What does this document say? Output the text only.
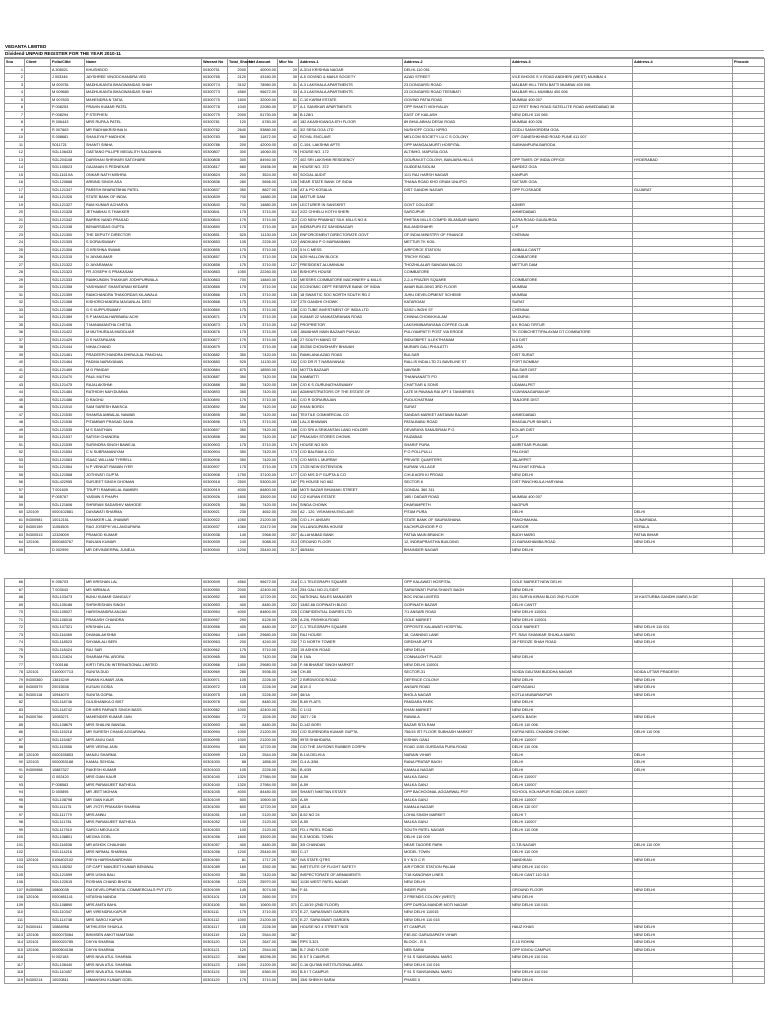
VEDANTA LIMITED
Dividend UNPAID REGISTER FOR THE YEAR 2010-11
Sno	Client	Folio/CltId	Name	Warrant No	Total_Shares	Net Amount	Micr No	Address-1	Address-2	Address-3	Address-4	Pincode
1		A 308021	KHUSHBOO	00300751	2000	40000.00	20	A-3/14 KRISHNA NAGAR	DELHI-110 051			
2		J 003346	JAYSHREE VINODCHANDRA VED	00300765	2120	43180.00	30	A-5 GOVIND & MANJI SOCIETY	AZAD STREET	VILE BHOGE S V ROAD ANDHERI (WEST) MUMBAI 4		
3		M 009781	MADHUKANTA BHAGWANDAS SHAH	00300774	3102	78980.00	31	A-3 LAKSHALA APARTMENTS	23 DONGARSI ROAD	MALBAR HILL TEEN BATTI MUMBAI 400 006		
4		M 009680	MADHUKANTA BHAGWANDAS SHAH	00300773	4560	96672.00	33	A-3 LAKSHALA APARTMENTS	23 DONGARSI ROAD TEENBATI	MALBAR HILL MUMBAI 400 006		
5		M 007833	MAHENDRA N TATIA	00300775	1600	32000.00	51	C-10 KARIM ESTATE	GOVIND PATIA ROAD	MUMBAI 400 007		
6		P 008253	PRAVIN KUMAR PATEL	00300778	1040	22080.00	37	A-1 SANSKAR APARTMENTS	OPP SHAKTI VIDHYALAY	112 FEET RING ROAD SATELLITE ROAD AHMEDABAD 38		
7		P 008294	P STEPHEN	00300779	2000	51730.00	38	B-128/1	EAST OF KAILASH	NEW DELHI 110 065		
8		R 006443	MRS RUPA A PATEL	00300781	120	6780.00	40	182 AKASHGANGA 8TH FLOOR	89 BHULABHAI DESAI ROAD	MUMBAI 400 026		
9		R 007663	MR RADHAKRISHNA N	00300782	2640	53880.00	41	3/2 SESA GOA LTD	NUSHOFF COOLI NPRO	GODLI SANVORDEM GOA		
10		S 008681	SHAILEYA P MADHOK	00300783	560	11872.00	42	ROYAL ENCLAVE	MELCOM SOCIETY LU C S COLONY	OFF GANESHKHIND ROAD PUNE 411 007		
11		S011721	SHANTI SINHA	00300786	200	42000.00	43	C-104, LAKSHMI APTS	OPP MANGALMURTI HOSPITAL	SUBHANPURA BARODA		
12		SGL106433	GAETANO PILLIPE MEGALITH SALDANHA	00300807	300	16060.00	76	HOUSE NO. 172	ALTINHO, MAPUSA GOA			
13		SGL204108	DARSHAN SHRIHARI SATGHARE	00300808	300	84940.00	77	402 SRI LAKSHMI RESIDENCY	GOURAVJIT COLONY, BANJARA HILLS	OPP TIMES OF INDIA OFFICE	HYDERABAD	
14		SGL105023	GAJANAN S PEDNEKAR	00300817	680	19456.00	86	HOUSE NO. 372	GUDDEM-SIOLIM	BARDEZ GOA		
15		SGL1161XA	ONKAR NATH MISHRA	00300824	200	3524.00	93	SOCIAL AUDIT	11/1 RAJ HARSH NAGAR	KANPUR		
16		SGL120668	ARBIND SINGH ASA	00300836	280	5656.00	105	NEAR STATE BANK OF INDIA	THANA ROAD KHO GRAM UNLIPOI	SATTARI GOA		
17		SGL121347	PARESH BHARATBHAI PATEL	00300837	350	8827.00	106	AT & PO KOSALIA	DIST GANDHI NAGAR	OPP FLOSKADE	GUJARAT	
18		SGL121326	STATE BANK OF INDIA	00300839	700	14880.00	108	MATTUR DAM				
19		SGL121327	RAM KUMAR ACHARYA	00300840	700	14880.00	109	LECTURER IN SANSKRIT	GOVT COLLEGE	AJMER		
20		SGL121328	JETHABHAI S THAKKER	00300841	175	3710.00	110	2/22 CHHELU KOTHI SHERI	SAROJPUR	AHMEDABAD		
21		SGL121342	BARRIK NAND PRASAD	00300843	175	3710.00	112	C/O NEW PRABHAT SILK MILLS NO 8	RHETAN MILLS COMPD ISLANDAR MARG	AGRA ROAD GULBURGA		
22		SGL121338	BENARSIDAS GUPTA	00300850	175	3710.00	119	INDRAPURI EZ SAHIDNAGAR	BULANDSHAHR	U.P		
23		SGL121300	THE DEPUTY DIRECTOR	00300851	525	11130.00	120	ENFORCEMENT DIRECTORATE GOVT	OF INDIA MINISTRY OF FINANCE	CHENNAI		
24		SGL121305	S DORAISWAMY	00300853	105	2226.00	122	ANDIKANI P O MARIAMMAN	METTUR TK KOIL			
25		SGL121306	G KRISHNA SWAMI	00300855	175	3710.00	123	5 N C MESS	AIRFORCE STATION	AMBALA CANTT		
26		SGL121315	N JAYAKUMAR	00300857	175	3710.00	126	6/29 HALLOW BLOCK	TRICHY ROAD	COIMBATORE		
27		SGL121322	D JAYARAMAN	00300858	175	3710.00	127	PRESIDENT ALUMINIUM	THOZHILALAR SANGAM MALCO	METTUR DAM		
28		SGL121323	FR JOSEPH S PRAKASAM	00300863	1050	22260.00	130	BISHOPS HOUSE	COIMBATORE			
29		SGL121333	RAMKUNDIN THAKKAR JODHPURWALA	00300863	700	14840.00	132	MESSRS COIMBATORE MACHINERY & MILLS	2-2-4 FRAZER SQUARE	COIMBATORE		
30		SGL121358	YASHWANT SHANTARAM KEDARE	00300865	175	3710.00	134	ECONOMIC DEPT RESERVE BANK OF INDIA	AMAR BUILDING 3RD FLOOR	MUMBAI		
31		SGL121359	RAMCHANDRA THAKORDAS KILAWALA	00300866	175	3710.00	135	18 SWASTIC SOC NORTH SOUTH RD 2	JUHU DEVELOPMENT SCHEME	MUMBAI		
32		SGL121368	KISHORCHANDRA MAGANLAL DESI	00300868	175	3710.00	137	275 GANDHI CHOWK	KATARGAM	SURAT		
33		SGL121388	G S KUPPUSWAMY	00300869	175	3710.00	138	C/O TUBE INVESTMENT OF INDIA LTD	52/52 LINGHI ST	CHENNAI		
34		SGL121389	S P MANGALHARIBABU ACHI	00300871	175	3710.00	140	KUMAR 22 VANKATARANAN ROAD	CHINNA CHOKIKKULAM	MADURAI		
35		SGL121406	T MANAMANTHA CHETIA	00300873	175	3710.00	142	PROPRIETOR	LAKSHMINARAYANA COFFEE CLUB	8 K ROAD TIRTUR		
36		SGL121422	M MUTHURAJA MUDDLIAR	00300876	175	3710.00	145	JAWAHAR MAIN BAZAAR PUNJAI	PULIYAMPATTI POST VIA ERODE	TK GOBICHETTIPALAYAM DT COIMBATORE		
37		SGL121429	D S NATARAJAN	00300877	175	3710.00	146	27 SOUTH MANG ST	INDUSBIPET ILLEKTHANAM	N A DIST		
38		SGL121444	NIHALCHAND	00300879	175	3710.00	148	30/258 CHOWDHARY BHAVAN	MURARI GALI PHULATTI	AGRA		
39		SGL121461	PRADEEPCHANDRA DHIRAJLAL PANCHAL	00300882	350	7420.00	151	RAMILANA AZAD ROAD	BULSAR	DIST SURAT		
40		SGL121464	PADMA NARAYANAN	00300883	525	11130.00	152	C/O DR R T NARAYANAN	RALLIS INDIA LTD 21 BAVELINE ST	FORT BOMBAY		
41		SGL121469	M G PANDAY	00300884	875	18550.00	153	MOTTA BAZAAR	NAVSARI	BULSAR DIST		
42		SGL121470	PAUL MUTHU	00300887	350	7420.00	156	KAMBATTI	THANNANATTI PO	NILGIRIS		
43		SGL121475	RAJALAKSHMI	00300888	350	7420.00	159	C/O K S GURUNATHASWAMY	CHATTIAR & SONS	UDAMALPET		
44		SGL121484	RATHIDIH NAIYDUMMA	00300893	350	7420.00	160	ADMINISTRATORS OF THE ESTATE OF	LATE M PAVANA RAI APT 4 TANNERIES	VIJAYANAGARAM AP		
45		SGL121486	D RAGHU	00300890	175	3710.00	161	C/O R DORAIRAJAN	PUDUCHATRAM	TANJORE DIST		
46		SGL121510	SAM SARESH BAKSCA	00300892	350	7420.00	162	KHAN BORDI	SURAT			
47		SGL121530	SHAMSA AMBALAL NAWAB	00300895	350	7420.00	164	TEXTILE COMMERCIAL CO	SANDAS MARKET ANTAWAI BAZAR	AHMEDABAD		
48		SGL121536	PITAMBAR PRASAD SAHA	00300896	175	3710.00	165	LALJI BHAWAN	PATALBABU ROAD	BHAGALPUR BIHAR-1		
49		SGL121535	M S SANTHAN	00300897	350	7420.00	166	C/O SRI A SRIKANTAN LAND HOLDER	DEVARAYA SAMUDRAM P O	KOLAR DIST		
50		SGL121537	SATISH CHANDRA	00300898	350	7420.00	167	PRAKASH STORES CHOWK	FAIZABAD	U.P		
51		SGL121539	SURINDRA SINGH BAWEJA	00300903	175	3710.00	170	HOUSE NO 509	SHARIF PURA	AMRITSAR PUNJAB		
52		SGL121554	C N SUBRAMANIYAM	00300904	350	7420.00	173	C/O BALRAM & CO	P O POLLPULLI	PALGHAT		
53		SGL121563	ISAAC WILLIAM TYRRELL	00300906	350	7420.00	173	C/O MISS L MURRAY	PRIVATE QUARTERS	JALARPET		
54		SGL121564	N P VENKAT RAMAN IYER	00300907	175	3710.00	175	17/25 NEW EXTENSION	KURANI VILLAGE	PALGHAT KERALA		
55		SGL121568	JOTHIVATI GUPTA	00300908	1750	37100.00	177	C/O M/S D P GUPTA & CO	C/H-8 AGRI KI PROAD	NEW DELHI		
56		SGL422955	SURJEET SINGH DHOMAN	00300918	2500	53000.00	187	P5 HOUSE NO 662	SECTOR 6	DIST PANCHKULA HARYANA		
57		T 001605	TRUPTI RAMNIKLAL BAMBRI	00300919	4000	84800.00	188	MOTI BAZAR BHUMAKI STREET	GONDAL 360 311			
58		P 005767	YASMIN S PHAPH	00300926	1600	33920.00	192	C/2 KURAN ESTATE	16B / DADAR ROAD	MUMBAI 400 007		
59		SGL121606	SHRIRAM SADASHIV MAHODE	00300925	350	7420.00	194	SINDA CHOWK	DHARAMPETH	NAGPUR		
60	120109	0000102881	DAYAWATI SHARMA	00300921	230	4652.00	200	A2 - 120, VISHAKHA ENCLAVE	PITAM PURA	DELHI	DELHI	
61	IN300981	10012151	SHANKER LAL JHAWAR	00300922	1050	21200.00	205	C/O L.H. ANSARI	STATE BANK OF SAURASHANA	PANCHMAHAL	GUNARIADA	
62	IN300159	11054505	RAO JOSEPH VILLANGUPARA	00300937	1060	22472.00	206	VILLANGUPARA HOUSE	KACHIPUZHOOR P O	KAROOR	KERALA	
63	IN300513	12326009	PRAMOD KUMAR	00300938	140	2968.00	207	ALLAHABAD BANK	PATNA MAIN BRANCH	BUDH MARG	PATNA BIHAR	
64	120106	0000483767	RANJAN KUMAR	00300939	240	5088.00	213	GROUND FLOOR	12, INDRAPRASTHA BUILDING	21 BARAKHAMBA ROAD	NEW DELHI	
65		D 002999	MR DEVINDERPAL JUNEJA	00300940	1200	25440.00	217	46/5484	BHAINDER NAGAR	NEW DELHI		
66		K 006703	MR KRISHAN LAL	00300949	4560	96672.00	218	C-1 TELEGRAPH SQUARE	OPP KALAWATI HOSPITAL	GOLE MARKET NEW DELHI		
67		T 003543	MS NIRMALA	00300950	2000	42400.00	219	254 GALI NO.21,SIDIT	SARASWATI PURA SHANTI BAGH	NEW DELHI		
68		SGL103473	BUNU KUMAR GANGULY	00300952	600	12720.00	221	NATIONAL SALES MANAGER	BOC INDIA LIMITED	201 SURYA KIRAN BLDG 2ND FLOOR	19 KASTURBA GANDHI MARG,N DE	
69		SGL105186	SHRIKRISHAN SINGH	00300953	400	8480.00	222	13/82-68 GOPINATH BLDG	GOPINATH BAZAR	DELHI CANTT		
70		SGL105027	HARISHANDRA ANJAN	00300954	4000	84800.00	225	CONFIDENTIAL DIARIES LTD	7/1 ANSARI ROAD	NEW DELHI 110001		
71		SGL106016	PRAKASH CHANDRA	00300957	290	6126.00	226	A-2/6, PASHIKA ROAD	GOLE MARKET	NEW DELHI 110001		
72		SGL107321	KRISHAN LAL	00300956	400	8480.00	227	C-1 TELEGRAPH SQUARE	OPPOSITE KALAWATI HOSPITAL	GOLE MARKET	NEW DELHI 110 001	
73		SGL116469	DHANALAKSHMI	00300964	1400	29680.00	230	RAJ HOUSE	18, CANNING LANE	PT. RAVI SHANKAR SHUKLA MARG	NEW DELHI	
74		SGL118523	SHYAMLALI BERI	00300963	200	4240.00	232	7 D NORTH TOWER	GIRDHAR APTS	28 FEROZE SHAH ROAD	NEW DELHI	
75		SGL118424	RAJ SAR	00300962	175	3710.00	233	15 ASHOK ROAD	NEW DELHI			
76		SGL121624	SHARAM PAL ARORA	00300965	350	7420.00	238	K 1NA	CONNAUGHT PLACE	NEW DELHI		
77		T 005168	KIRTI TIRLON INTERNATIONAL LIMITED	00300966	1400	29680.00	245	F-98 BHARAT SINGH MARKET	NEW DELHI 110001			
78	120101	0100007713	SUNITA DUD	00300969	280	5936.00	246	CH-85	SECTOR-31	NOIDA GAUTAM BUDDHA NAGAR	NOIDA UTTAR PRADESH	
79	IN300360	13815249	PAWAN KUMAR JAIN	00300971	105	2226.00	247	2 BIRDWOOD ROAD	DEFENCE COLONY	NEW DELHI	NEW DELHI	
80	IN300579	20015536	KUSUM GOSIA	00300972	105	2226.00	248	8/19-3	ANSARI ROAD	DARYAGANJ	NEW DELHI	
81	IN300118	10944070	SUNITA GOPAL	00300975	105	2226.00	249	46/1A	BHOLA NAGAR	KOTLA MUBARAKPUR	NEW DELHI	
82		SGL118746	GULSHANIKA G BIST	00300978	400	8480.00	250	B-69 FLATS	PANDARA PARK	NEW DELHI		
83		SGL118742	DR MRS PARVATI SINGH BASS	00300982	1000	42400.00	251	C 1/13	KHAN MARKET	NEW DELHI		
84	IN300766	10083271	MAHENDER KUMAR JAIN	00300984	72	1526.00	252	1527 / 28	RAWALA	KAROL BAGH	NEW DELHI	
85		SGL108679	MRS SHALINI BANSAL	00300993	400	8480.00	254	D-142 BORI	BAZAR SITA RAM	DELHI 110 006		
86		SGL115218	MR SURESH CHAND AGGARWAL	00300994	1000	21200.00	253	C/O SURENDRA KUMAR GUPTA	756/15 IST FLOOR SUBHASH MARKET	KATRA NEEL CHANDNI CHOWK	DELHI 110 006	
87		SGL115467	MRS ANJU DAS	00300995	1000	21200.00	255	9978 SHAHDARA	KISHAN GANJ	DELHI 110007		
88		SGL115556	MRS VEENA JAIN	00300994	600	12720.00	256	C/O THE JAYSONS RUBBER CORPN	ROAD 1150 GURDASA PURA ROAD	DELHI 110 006		
89	120109	0000155853	MANJU SHARMA	00300999	120	2544.00	258	B-1/A DELHI A	NARAIN VIHAR	DELHI	DELHI	
90	120103	0000053188	KAMAL SEHGAL	00301000	88	1856.00	259	G-4 A-3/56	RANA PRATAP BAGH	DELHI	DELHI	
91	IN300968	10887327	RAKESH KUMAR	00301003	105	2226.00	261	B-4/39	KAMALA NAGAR	DELHI	DELHI	
92		G 002420	MRS GIAN KAUR	00301040	1320	27984.00	300	A-59	MALKA GANJ	DELHI 110007		
93		P 008563	MRS PARAMJEET BATHEJA	00301040	1320	27984.00	300	A-59	MALKA GANJ	DELHI 110007		
94		D 000895	MR JEET MOHAN	00301045	4000	84480.00	309	SHANTI NIKETAN ESTATE	OPP BACHOOMAL AGGARWAL PSY	SCHOOL KOLHAPUR ROAD DELHI 110007		
95		SGL108798	MR GIAN KAUR	00301049	500	10600.00	320	A-59	MALKA GANJ	DELHI 110007		
96		SGL111175	MR JYOTI PRAKASH SHARMA	00301050	600	12720.00	320	183-A	KAMALA NAGAR	DELHI 110 007		
97		SGL111779	MRS ANNU	00301051	100	2120.00	320	8-52 NO 24	LOHIA SINGH MARKET	DELHI 7		
98		SGL111781	MRS PARAMJEET BATHEJA	00301052	100	2120.00	320	A-59	MALKA GANJ	DELHI 110007		
99		SGL117910	SAROJ MEGULICK	00301053	100	2120.00	320	FD-1 PATEL ROAD	SOUTH PATEL NAGAR	DELHI 110 008		
100		SGL108801	MEGHA GOEL	00301056	1600	33920.00	354	E-5 MODEL TOWN	DELHI 110 009			
101		SGL116536	MR ASHOK CHAUHAN	00301057	400	8480.00	350	3/5 CHANDAN	NEAR TAGORE PARK	G.T.B NAGAR	DELHI 110 009	
102		SGL114216	MRS NIRMAL SHARMA	00301058	1200	25440.00	353	C-17	MODEL TOWN	DELHI 110 009		
103	120101	0106402102	PRIYA HARSHAVARDHAN	00301060	81	1717.20	357	IVA STATE QTRS	5 Y N D C R	NANDIKAN	NEW DELHI	
104		SGL105252	GP CAPT MANJEET KUMAR BENIWAL	00301089	160	3392.00	361	INSTITUTE OF FLIGHT SAFETY	AIR FORCE STATION PALAM	NEW DELHI 110 010		
105		SGL121599	MRS USHA BALI	00301093	350	7420.00	362	INSPECTORATE OF ARMAMENTS	7/18 KANGRAH LINES	DELHI CANT 110 010		
106		SGL122615	ROSHAN CHAND BHATIA	00301098	1225	25970.00	363	11/30 WEST PATEL NAGAR	NEW DELHI			
107	IN300568	10800035	OM DEVELOPMENTAL COMMERCIALS PVT LTD	00301099	145	3074.00	364	F-61	INDER PURI	GROUND FLOOR	NEW DELHI	
108	120106	0000481141	NITASHA NANDA	00301101	125	2650.00	370		2 FRIENDS COLONY (WEST)	NEW DELHI		
109		SGL108890	MRS ANITA BAHL	00301106	500	10600.00	371	C-10/19 (2ND FLOOR)	OPP DURGA MANDIR MOTI NAGAR	NEW DELHI 110 015		
110		SGL110347	MR VIRENDRA KAPUR	00301111	175	3710.00	373	E-27, SARASWATI GARDEN	NEW DELHI 110015			
111		SGL114748	MRS SAROJ KAPUR	00301112	1000	21200.00	373	E-27, SARASWATI GARDEN	NEW DELHI 110 015			
112	IN300441	10864958	MITHILESH SHUKLA	00301117	105	2226.00	385	HOUSE NO 4 STREET NO5	IIT CAMPUS	HAUZ KHAS	NEW DELHI	
113	120106	0000075084	BHIMSEN ANKIT MAMTANI	00301119	120	2544.00	387		F4E-BC GARUDAPATH VIHAR		NEW DELHI	
114	120101	0000020785	DIVYA SHARMA	00301120	120	2647.00	386	RPS 3-321	BLOCK - B 5	E-10 ROHINI	NEW DELHI	
115	120106	0000504158	DIVYA SHARMA	00301121	120	2544.00	386	B-7 2ND FLOOR	NEB SARAI	OPP IGNOU CAMPUS	NEW DELHI	
116		N 002183	MRS NIVA ATUL SHARMA	00301122	3080	65296.00	391	B 5 T 5 CAMPUS	F 51 S SANSANWAL MARG	NEW DELHI 110 016		
117		SGL106440	MRS NIVA ATUL SHARMA	00301123	1000	21200.00	392	C-16 QUTAB INSTITUTIONAL AREA	NEW DELHI 110 016			
118		SGL110457	MRS NIVA ATUL SHARMA	00301124	300	6360.00	393	B-5 I T CAMPUS	F 51 S SANSANWAL MARG	NEW DELHI 110 016		
119	IN300214	10020811	HIMANSHU KUMAR GOEL	00301129	175	3710.00	395	15/6 SHEIKH SARAI	PHASE II	NEW DELHI		
